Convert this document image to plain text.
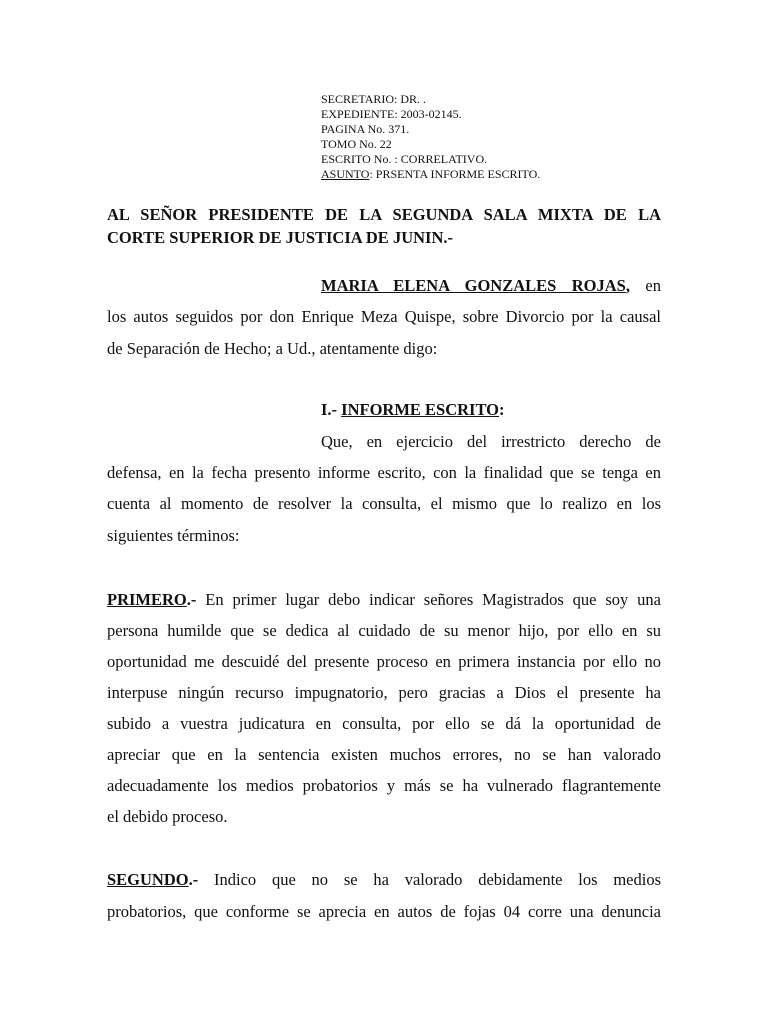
SECRETARIO: DR. .
EXPEDIENTE: 2003-02145.
PAGINA No. 371.
TOMO No. 22
ESCRITO No. : CORRELATIVO.
ASUNTO: PRSENTA INFORME ESCRITO.
AL SEÑOR PRESIDENTE DE LA SEGUNDA SALA MIXTA DE LA
CORTE SUPERIOR DE JUSTICIA DE JUNIN.-
MARIA ELENA GONZALES ROJAS, en
los autos seguidos por don Enrique Meza Quispe, sobre Divorcio por la causal
de Separación de Hecho; a Ud., atentamente digo:
I.- INFORME ESCRITO:
Que, en ejercicio del irrestricto derecho de
defensa, en la fecha presento informe escrito, con la finalidad que se tenga en
cuenta al momento de resolver la consulta, el mismo que lo realizo en los
siguientes términos:
PRIMERO.- En primer lugar debo indicar señores Magistrados que soy una
persona humilde que se dedica al cuidado de su menor hijo, por ello en su
oportunidad me descuidé del presente proceso en primera instancia por ello no
interpuse ningún recurso impugnatorio, pero gracias a Dios el presente ha
subido a vuestra judicatura en consulta, por ello se dá la oportunidad de
apreciar que en la sentencia existen muchos errores, no se han valorado
adecuadamente los medios probatorios y más se ha vulnerado flagrantemente
el debido proceso.
SEGUNDO.- Indico que no se ha valorado debidamente los medios
probatorios, que conforme se aprecia en autos de fojas 04 corre una denuncia
